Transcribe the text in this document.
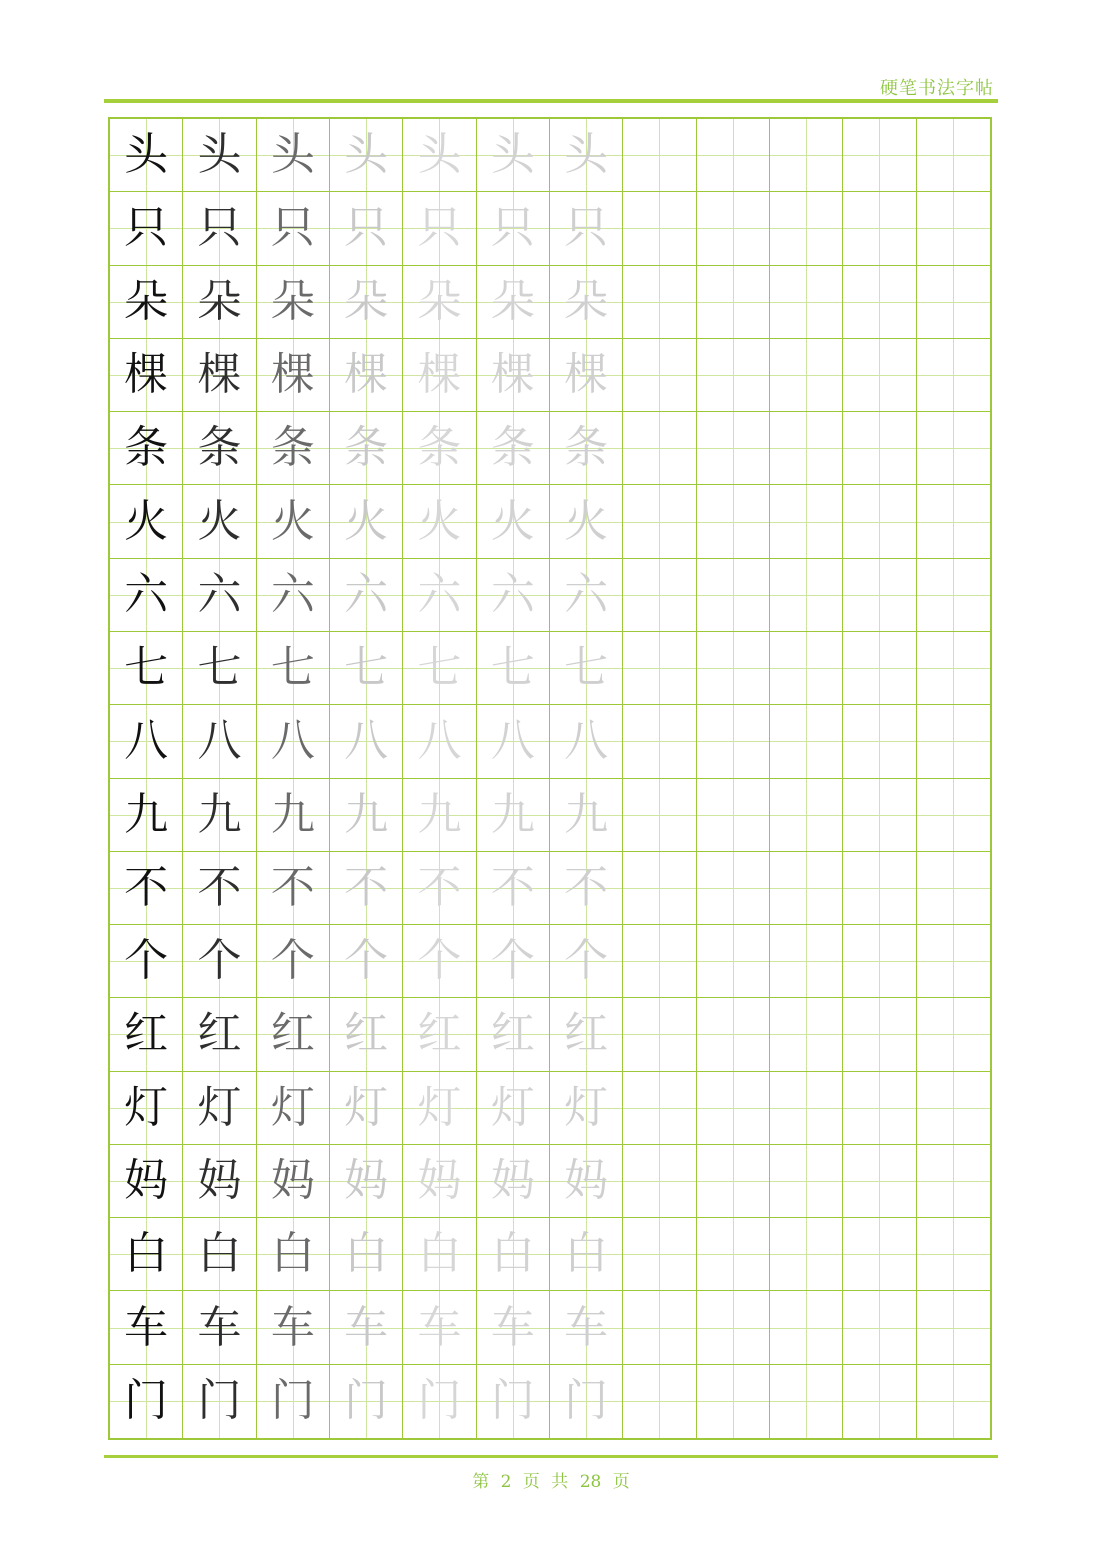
硬笔书法字帖
头 头 头 头 头 头 头
只 只 只 只 只 只 只
朵 朵 朵 朵 朵 朵 朵
棵 棵 棵 棵 棵 棵 棵
条 条 条 条 条 条 条
火 火 火 火 火 火 火
六 六 六 六 六 六 六
七 七 七 七 七 七 七
八 八 八 八 八 八 八
九 九 九 九 九 九 九
不 不 不 不 不 不 不
个 个 个 个 个 个 个
红 红 红 红 红 红 红
灯 灯 灯 灯 灯 灯 灯
妈 妈 妈 妈 妈 妈 妈
白 白 白 白 白 白 白
车 车 车 车 车 车 车
门 门 门 门 门 门 门
第 2 页 共 28 页
